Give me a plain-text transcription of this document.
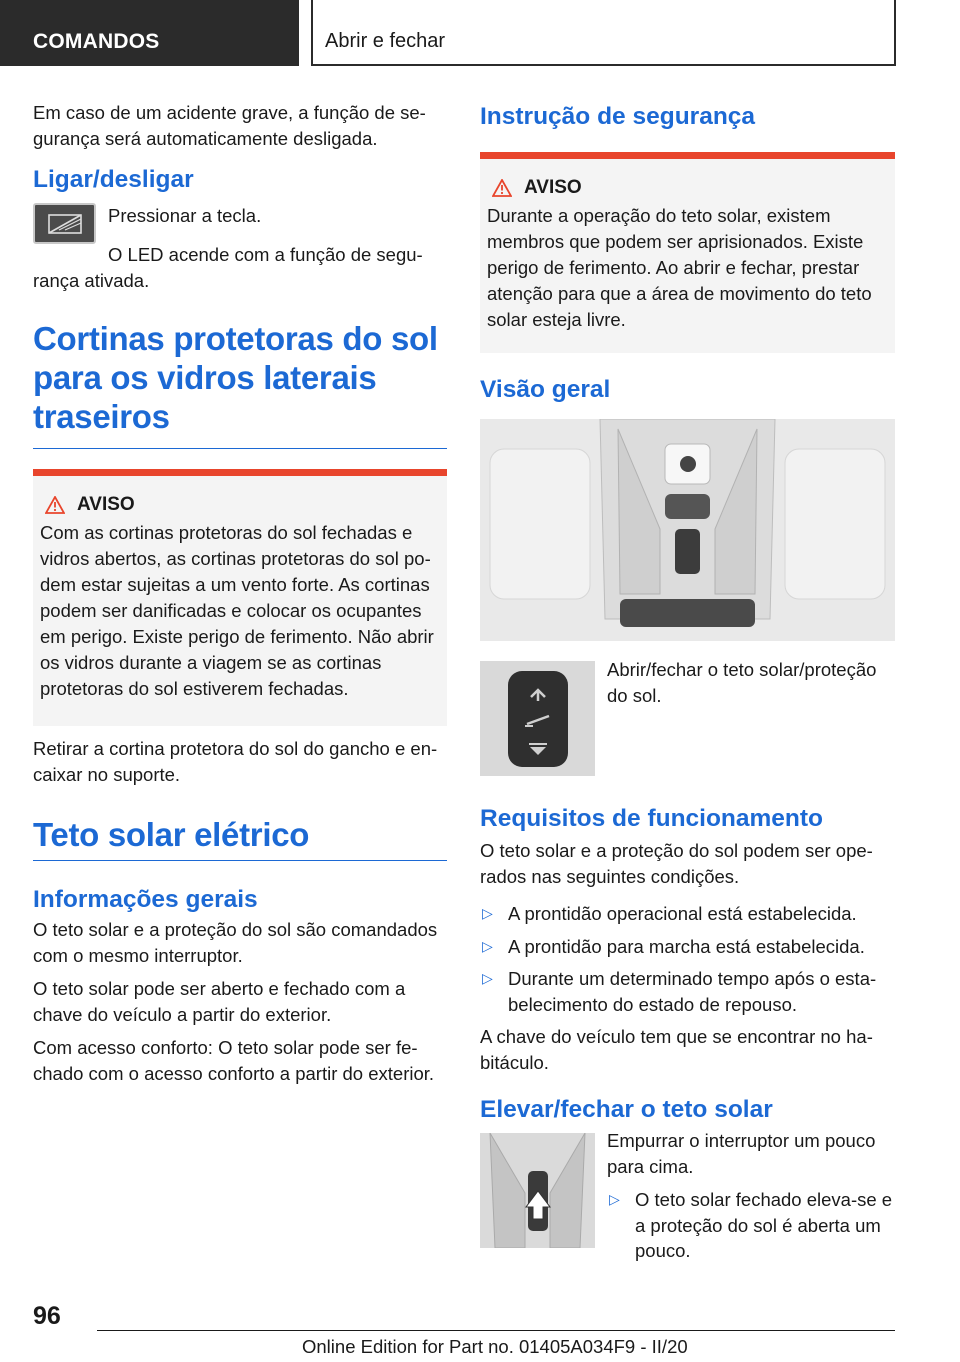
COMANDOS	Abrir e fechar

Em caso de um acidente grave, a função de se-gurança será automaticamente desligada.

Ligar/desligar

Pressionar a tecla.

O LED acende com a função de segu-rança ativada.

Cortinas protetoras do sol para os vidros laterais traseiros
AVISO

Com as cortinas protetoras do sol fechadas e vidros abertos, as cortinas protetoras do sol po-dem estar sujeitas a um vento forte. As cortinas podem ser danificadas e colocar os ocupantes em perigo. Existe perigo de ferimento. Não abrir os vidros durante a viagem se as cortinas protetoras do sol estiverem fechadas.

Retirar a cortina protetora do sol do gancho e en-caixar no suporte.

Teto solar elétrico
Informações gerais

O teto solar e a proteção do sol são comandados com o mesmo interruptor.

O teto solar pode ser aberto e fechado com a chave do veículo a partir do exterior.

Com acesso conforto: O teto solar pode ser fe-chado com o acesso conforto a partir do exterior.

Instrução de segurança
AVISO

Durante a operação do teto solar, existem membros que podem ser aprisionados. Existe perigo de ferimento. Ao abrir e fechar, prestar atenção para que a área de movimento do teto solar esteja livre.

Visão geral

Abrir/fechar o teto solar/proteção do sol.

Requisitos de funcionamento

O teto solar e a proteção do sol podem ser ope-rados nas seguintes condições.

▷ A prontidão operacional está estabelecida.
▷ A prontidão para marcha está estabelecida.
▷ Durante um determinado tempo após o esta-belecimento do estado de repouso.

A chave do veículo tem que se encontrar no ha-bitáculo.

Elevar/fechar o teto solar

Empurrar o interruptor um pouco para cima.

▷ O teto solar fechado eleva-se e a proteção do sol é aberta um pouco.
96
Online Edition for Part no. 01405A034F9 - II/20
